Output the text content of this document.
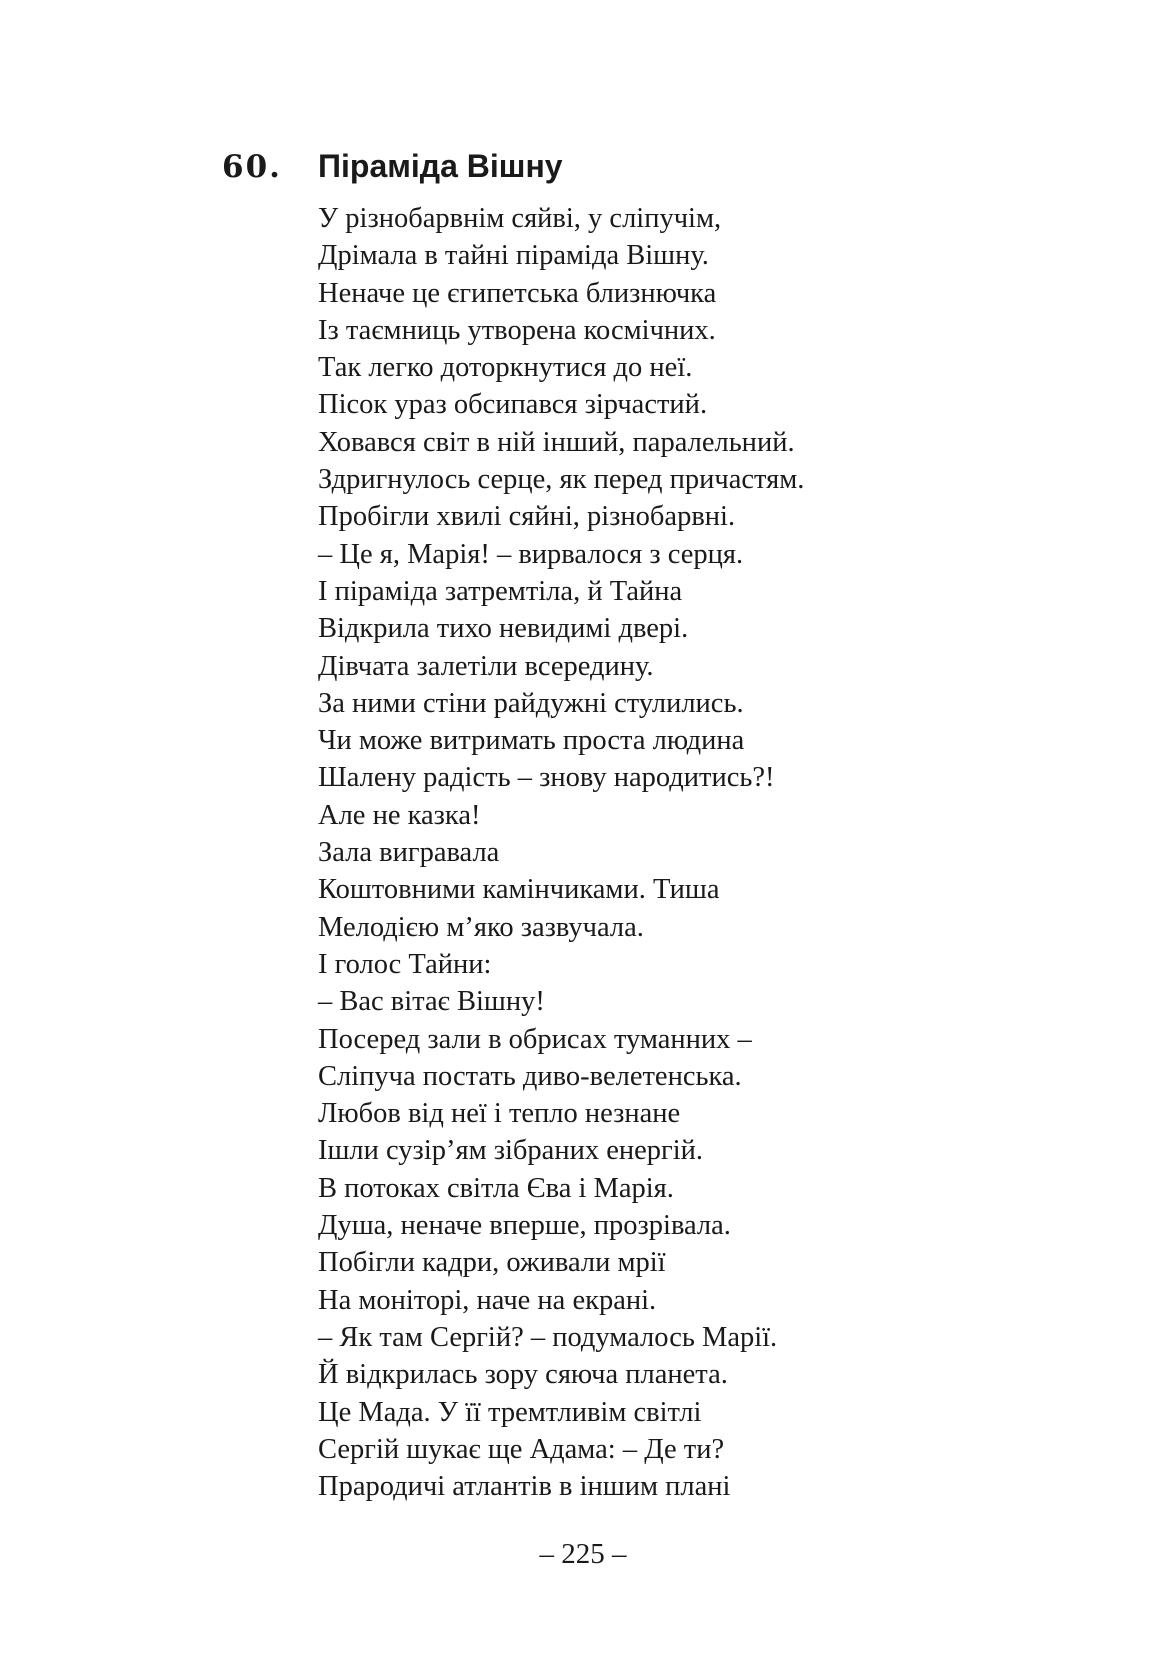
60.	Піраміда Вішну
У різнобарвнім сяйві, у сліпучім,
Дрімала в тайні піраміда Вішну.
Неначе це єгипетська близнючка
Із таємниць утворена космічних.
Так легко доторкнутися до неї.
Пісок ураз обсипався зірчастий.
Ховався світ в ній інший, паралельний.
Здригнулось серце, як перед причастям.
Пробігли хвилі сяйні, різнобарвні.
– Це я, Марія! – вирвалося з серця.
І піраміда затремтіла, й Тайна
Відкрила тихо невидимі двері.
Дівчата залетіли всередину.
За ними стіни райдужні стулились.
Чи може витримать проста людина
Шалену радість – знову народитись?!
Але не казка!
Зала вигравала
Коштовними камінчиками. Тиша
Мелодією м’яко зазвучала.
І голос Тайни:
– Вас вітає Вішну!
Посеред зали в обрисах туманних –
Сліпуча постать диво-велетенська.
Любов від неї і тепло незнане
Ішли сузір’ям зібраних енергій.
В потоках світла Єва і Марія.
Душа, неначе вперше, прозрівала.
Побігли кадри, оживали мрії
На моніторі, наче на екрані.
– Як там Сергій? – подумалось Марії.
Й відкрилась зору сяюча планета.
Це Мада. У її тремтливім світлі
Сергій шукає ще Адама: – Де ти?
Прародичі атлантів в іншим плані
– 225 –
